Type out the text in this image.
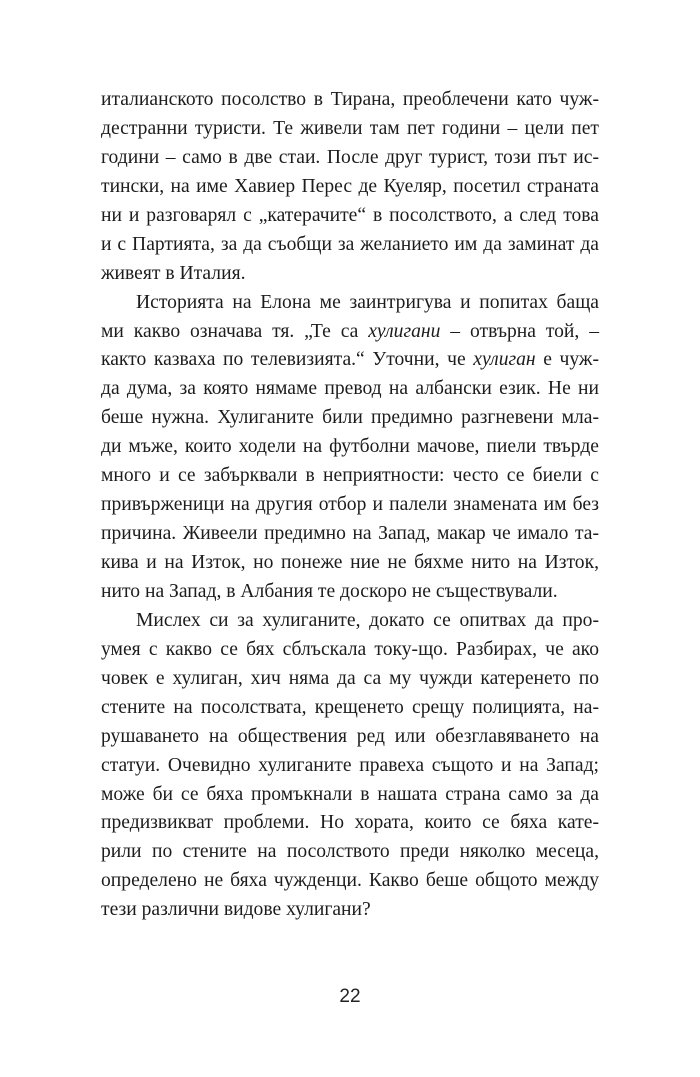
италианското посолство в Тирана, преоблечени като чуж-
дестранни туристи. Те живели там пет години – цели пет
години – само в две стаи. После друг турист, този път ис-
тински, на име Хавиер Перес де Куеляр, посетил страната
ни и разговарял с „катерачите“ в посолството, а след това
и с Партията, за да съобщи за желанието им да заминат да
живеят в Италия.
Историята на Елона ме заинтригува и попитах баща
ми какво означава тя. „Те са хулигани – отвърна той, –
както казваха по телевизията.“ Уточни, че хулиган е чуж-
да дума, за която нямаме превод на албански език. Не ни
беше нужна. Хулиганите били предимно разгневени мла-
ди мъже, които ходели на футболни мачове, пиели твърде
много и се забърквали в неприятности: често се биели с
привърженици на другия отбор и палели знамената им без
причина. Живеели предимно на Запад, макар че имало та-
кива и на Изток, но понеже ние не бяхме нито на Изток,
нито на Запад, в Албания те доскоро не съществували.
Мислех си за хулиганите, докато се опитвах да про-
умея с какво се бях сблъскала току-що. Разбирах, че ако
човек е хулиган, хич няма да са му чужди катеренето по
стените на посолствата, крещенето срещу полицията, на-
рушаването на обществения ред или обезглавяването на
статуи. Очевидно хулиганите правеха същото и на Запад;
може би се бяха промъкнали в нашата страна само за да
предизвикват проблеми. Но хората, които се бяха кате-
рили по стените на посолството преди няколко месеца,
определено не бяха чужденци. Какво беше общото между
тези различни видове хулигани?
22
